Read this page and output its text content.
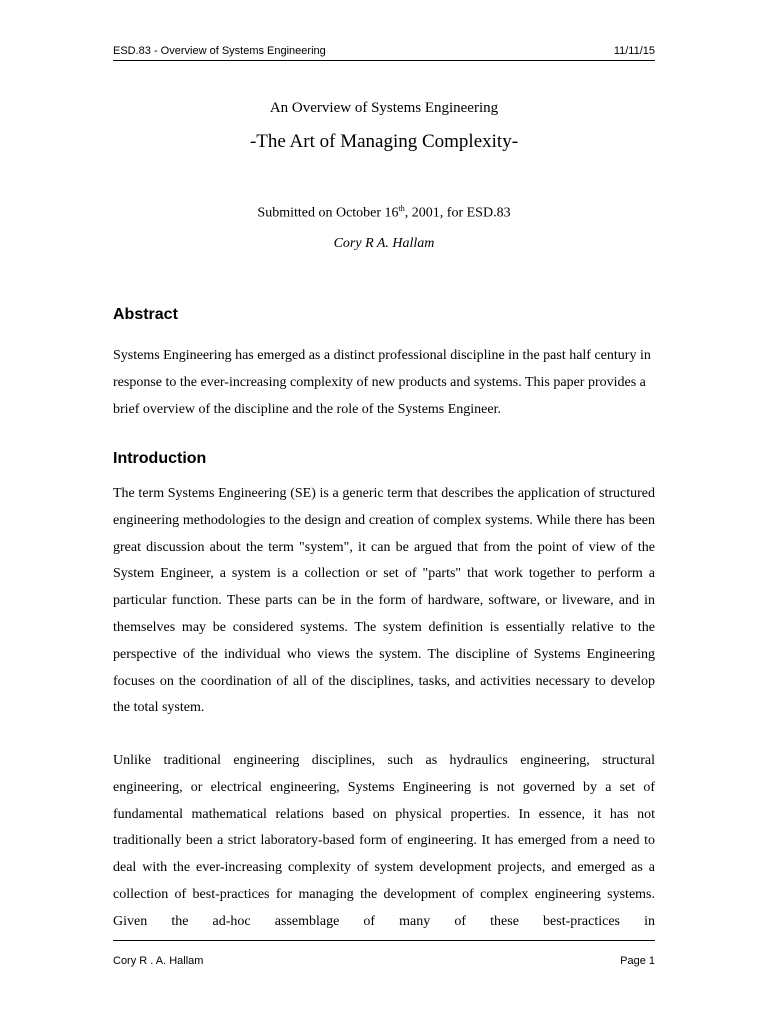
ESD.83 - Overview of Systems Engineering	11/11/15
An Overview of Systems Engineering
-The Art of Managing Complexity-
Submitted on October 16th, 2001, for ESD.83
Cory R A. Hallam
Abstract

Systems Engineering has emerged as a distinct professional discipline in the past half century in response to the ever-increasing complexity of new products and systems. This paper provides a brief overview of the discipline and the role of the Systems Engineer.

Introduction

The term Systems Engineering (SE) is a generic term that describes the application of structured engineering methodologies to the design and creation of complex systems. While there has been great discussion about the term "system", it can be argued that from the point of view of the System Engineer, a system is a collection or set of "parts" that work together to perform a particular function. These parts can be in the form of hardware, software, or liveware, and in themselves may be considered systems. The system definition is essentially relative to the perspective of the individual who views the system. The discipline of Systems Engineering focuses on the coordination of all of the disciplines, tasks, and activities necessary to develop the total system.

Unlike traditional engineering disciplines, such as hydraulics engineering, structural engineering, or electrical engineering, Systems Engineering is not governed by a set of fundamental mathematical relations based on physical properties. In essence, it has not traditionally been a strict laboratory-based form of engineering. It has emerged from a need to deal with the ever-increasing complexity of system development projects, and emerged as a collection of best-practices for managing the development of complex engineering systems. Given the ad-hoc assemblage of many of these best-practices in

Cory R . A. Hallam	Page 1
